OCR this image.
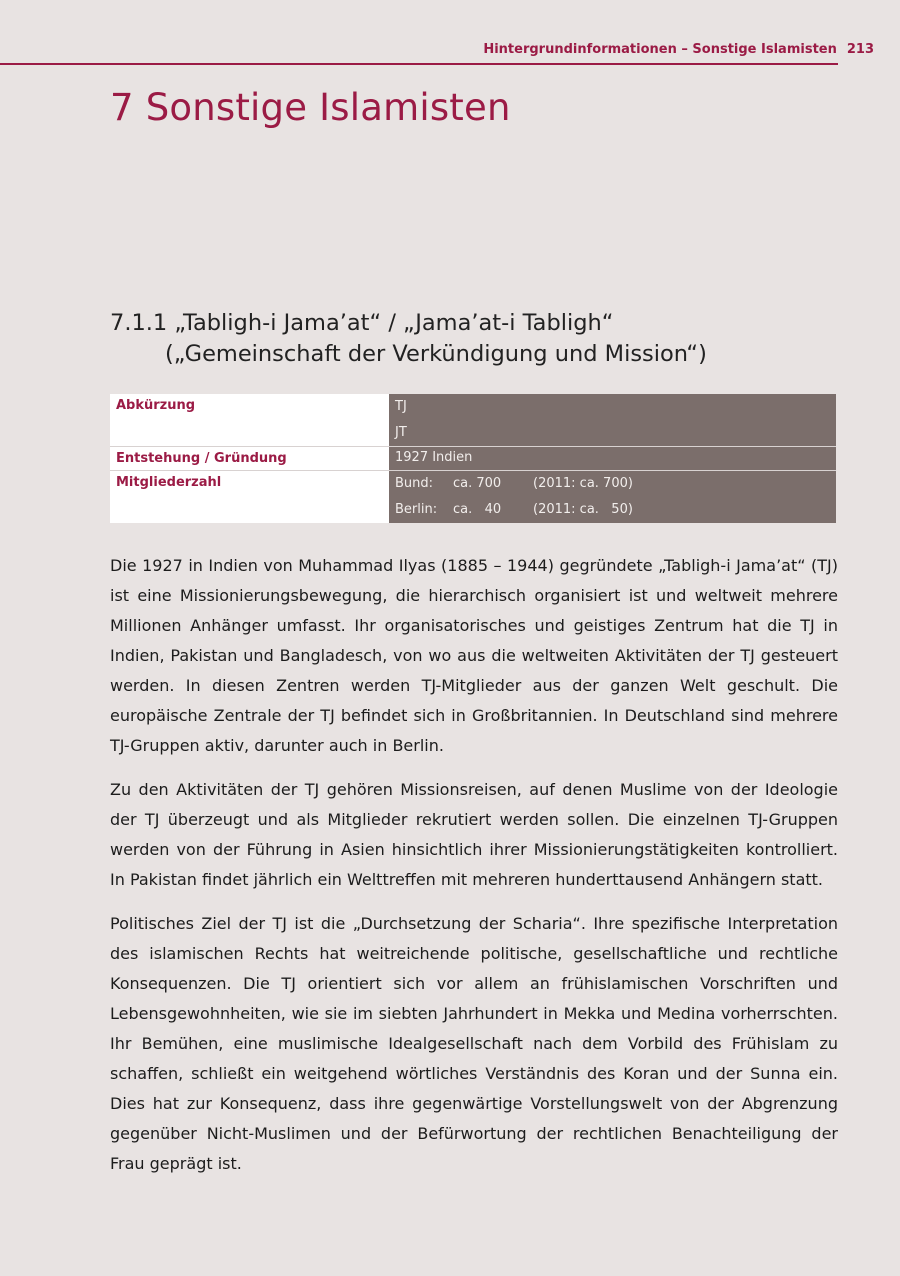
Hintergrundinformationen – Sonstige Islamisten 213
7 Sonstige Islamisten
7.1.1 „Tabligh-i Jama’at“ / „Jama’at-i Tabligh“
(„Gemeinschaft der Verkündigung und Mission“)
Abkürzung	TJ
JT

Entstehung / Gründung	1927 Indien

Mitgliederzahl	Bund: ca. 700 (2011: ca. 700)
Berlin: ca.   40 (2011: ca.   50)

Die 1927 in Indien von Muhammad Ilyas (1885 – 1944) gegründete „Tabligh-i Jama’at“ (TJ) ist eine Missionierungsbewegung, die hierarchisch organisiert ist und weltweit mehrere Millionen Anhänger umfasst. Ihr organisatorisches und geistiges Zentrum hat die TJ in Indien, Pakistan und Bangladesch, von wo aus die weltweiten Aktivitäten der TJ gesteuert werden. In diesen Zentren werden TJ-Mitglieder aus der ganzen Welt geschult. Die europäische Zentrale der TJ befindet sich in Großbritannien. In Deutschland sind mehrere TJ-Gruppen aktiv, darunter auch in Berlin.

Zu den Aktivitäten der TJ gehören Missionsreisen, auf denen Muslime von der Ideologie der TJ überzeugt und als Mitglieder rekrutiert werden sollen. Die einzelnen TJ-Gruppen werden von der Führung in Asien hinsichtlich ihrer Missionierungstätigkeiten kontrolliert. In Pakistan findet jährlich ein Welttreffen mit mehreren hunderttausend Anhängern statt.

Politisches Ziel der TJ ist die „Durchsetzung der Scharia“. Ihre spezifische Interpretation des islamischen Rechts hat weitreichende politische, gesellschaftliche und rechtliche Konsequenzen. Die TJ orientiert sich vor allem an frühislamischen Vorschriften und Lebensgewohnheiten, wie sie im siebten Jahrhundert in Mekka und Medina vorherrschten. Ihr Bemühen, eine muslimische Idealgesellschaft nach dem Vorbild des Frühislam zu schaffen, schließt ein weitgehend wörtliches Verständnis des Koran und der Sunna ein. Dies hat zur Konsequenz, dass ihre gegenwärtige Vorstellungswelt von der Abgrenzung gegenüber Nicht-Muslimen und der Befürwortung der rechtlichen Benachteiligung der Frau geprägt ist.
